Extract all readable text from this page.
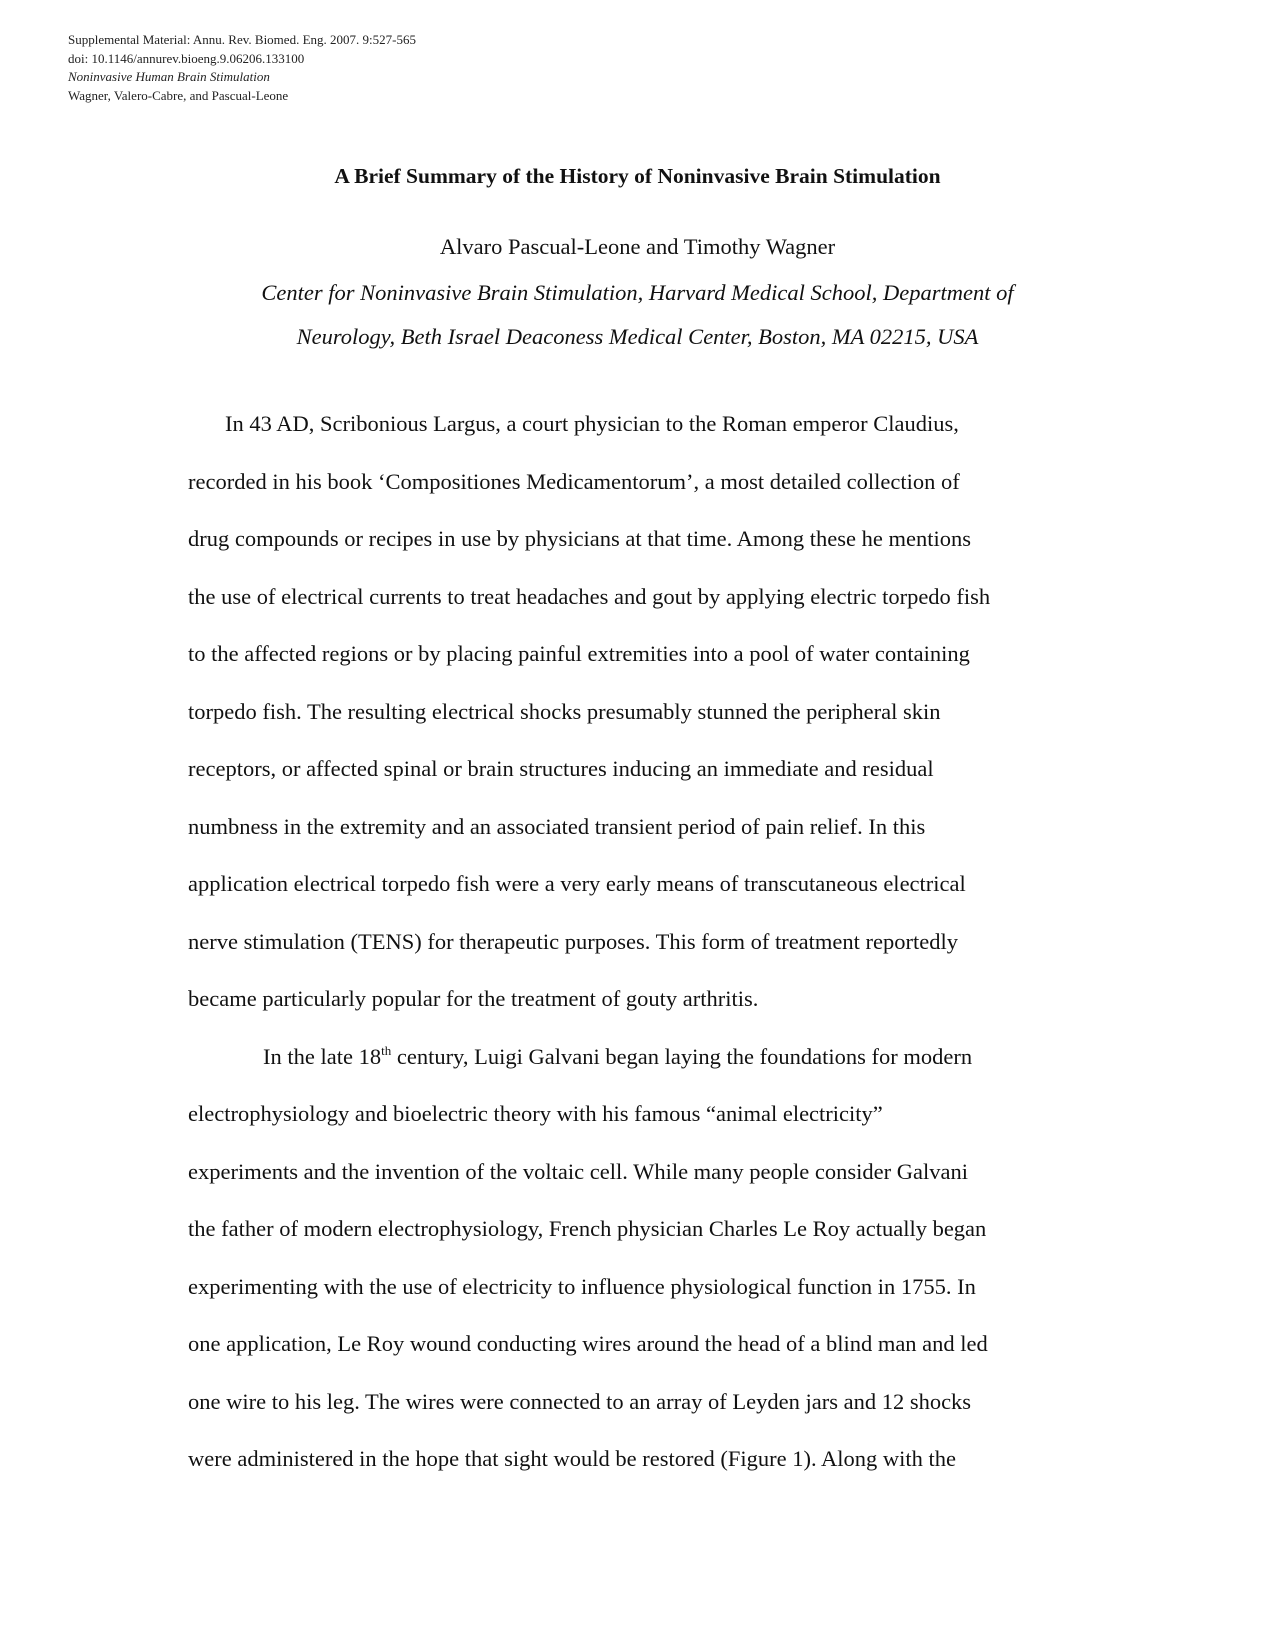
Supplemental Material: Annu. Rev. Biomed. Eng. 2007. 9:527-565
doi: 10.1146/annurev.bioeng.9.06206.133100
Noninvasive Human Brain Stimulation
Wagner, Valero-Cabre, and Pascual-Leone
A Brief Summary of the History of Noninvasive Brain Stimulation
Alvaro Pascual-Leone and Timothy Wagner
Center for Noninvasive Brain Stimulation, Harvard Medical School, Department of
Neurology, Beth Israel Deaconess Medical Center, Boston, MA 02215, USA
In 43 AD, Scribonious Largus, a court physician to the Roman emperor Claudius,
recorded in his book ‘Compositiones Medicamentorum’, a most detailed collection of
drug compounds or recipes in use by physicians at that time. Among these he mentions
the use of electrical currents to treat headaches and gout by applying electric torpedo fish
to the affected regions or by placing painful extremities into a pool of water containing
torpedo fish. The resulting electrical shocks presumably stunned the peripheral skin
receptors, or affected spinal or brain structures inducing an immediate and residual
numbness in the extremity and an associated transient period of pain relief. In this
application electrical torpedo fish were a very early means of transcutaneous electrical
nerve stimulation (TENS) for therapeutic purposes. This form of treatment reportedly
became particularly popular for the treatment of gouty arthritis.
In the late 18th century, Luigi Galvani began laying the foundations for modern
electrophysiology and bioelectric theory with his famous “animal electricity”
experiments and the invention of the voltaic cell. While many people consider Galvani
the father of modern electrophysiology, French physician Charles Le Roy actually began
experimenting with the use of electricity to influence physiological function in 1755. In
one application, Le Roy wound conducting wires around the head of a blind man and led
one wire to his leg. The wires were connected to an array of Leyden jars and 12 shocks
were administered in the hope that sight would be restored (Figure 1). Along with the
